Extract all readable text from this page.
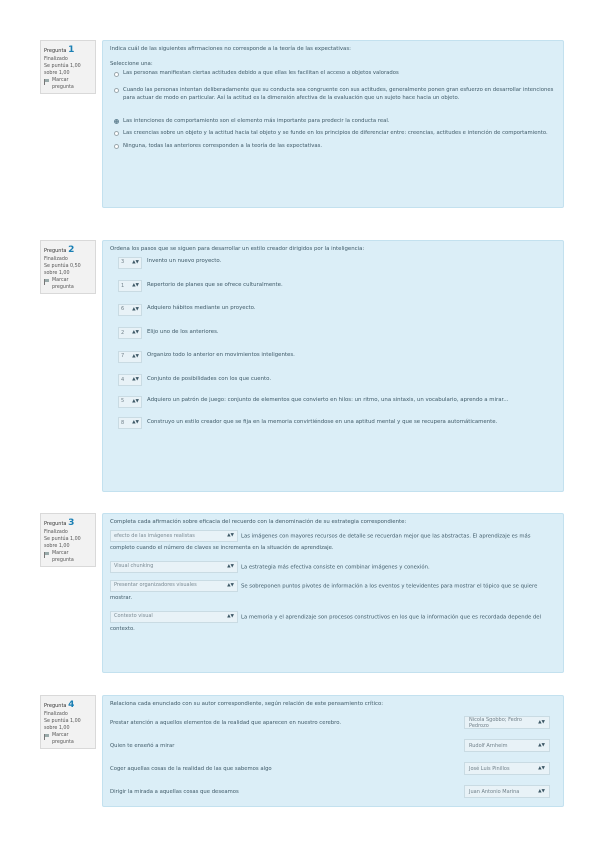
Pregunta 1
Finalizado
Se puntúa 1,00
sobre 1,00
Marcar
pregunta
Indica cuál de las siguientes afirmaciones no corresponde a la teoría de las expectativas:
Seleccione una:
Las personas manifiestan ciertas actitudes debido a que ellas les facilitan el acceso a objetos valorados
Cuando las personas intentan deliberadamente que su conducta sea congruente con sus actitudes, generalmente ponen gran esfuerzo en desarrollar intenciones para actuar de modo en particular. Así la actitud es la dimensión afectiva de la evaluación que un sujeto hace hacia un objeto.
Las intenciones de comportamiento son el elemento más importante para predecir la conducta real.
Las creencias sobre un objeto y la actitud hacia tal objeto y se funde en los principios de diferenciar entre: creencias, actitudes e intención de comportamiento.
Ninguna, todas las anteriores corresponden a la teoría de las expectativas.
Pregunta 2
Finalizado
Se puntúa 0,50
sobre 1,00
Marcar
pregunta
Ordena los pasos que se siguen para desarrollar un estilo creador dirigidos por la inteligencia:
3 ▲▼ Invento un nuevo proyecto.
1 ▲▼ Repertorio de planes que se ofrece culturalmente.
6 ▲▼ Adquiero hábitos mediante un proyecto.
2 ▲▼ Elijo uno de los anteriores.
7 ▲▼ Organizo todo lo anterior en movimientos inteligentes.
4 ▲▼ Conjunto de posibilidades con los que cuento.
5 ▲▼ Adquiero un patrón de juego: conjunto de elementos que convierto en hilos: un ritmo, una sintaxis, un vocabulario, aprendo a mirar...
8 ▲▼ Construyo un estilo creador que se fija en la memoria convirtiéndose en una aptitud mental y que se recupera automáticamente.
Pregunta 3
Finalizado
Se puntúa 1,00
sobre 1,00
Marcar
pregunta
Completa cada afirmación sobre eficacia del recuerdo con la denominación de su estrategia correspondiente:
efecto de las imágenes realistas	▲▼ Las imágenes con mayores recursos de detalle se recuerdan mejor que las abstractas. El aprendizaje es más completo cuando el número de claves se incrementa en la situación de aprendizaje.
Visual chunking	▲▼ La estrategia más efectiva consiste en combinar imágenes y conexión.
Presentar organizadores visuales	▲▼ Se sobreponen puntos pivotes de información a los eventos y televidentes para mostrar el tópico que se quiere mostrar.
Contexto visual	▲▼ La memoria y el aprendizaje son procesos constructivos en los que la información que es recordada depende del contexto.
Pregunta 4
Finalizado
Se puntúa 1,00
sobre 1,00
Marcar
pregunta
Relaciona cada enunciado con su autor correspondiente, según relación de este pensamiento crítico:
Prestar atención a aquellos elementos de la realidad que aparecen en nuestro cerebro.	Nicola Sgobbo; Fedro Pedrozo	▲▼
Quien te enseñó a mirar	Rudolf Arnheim	▲▼
Coger aquellas cosas de la realidad de las que sabemos algo	José Luis Pinillos	▲▼
Dirigir la mirada a aquellas cosas que deseamos	Juan Antonio Marina	▲▼
